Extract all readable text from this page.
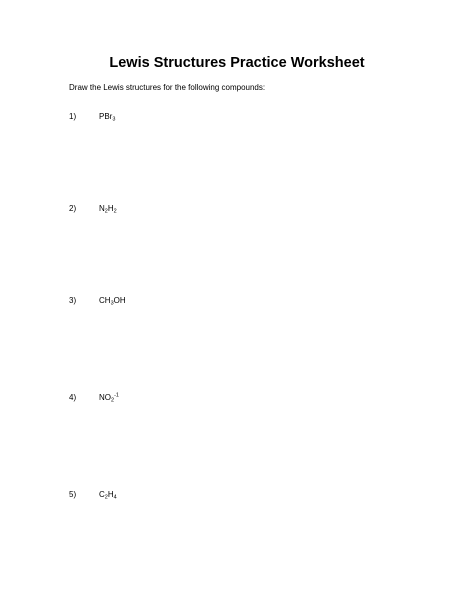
Lewis Structures Practice Worksheet
Draw the Lewis structures for the following compounds:
1)	PBr$_3$
2)	$N_2H_2$
3)	$CH_3OH$
4)	$NO_2^{-1}$
5)	$C_2H_4$
